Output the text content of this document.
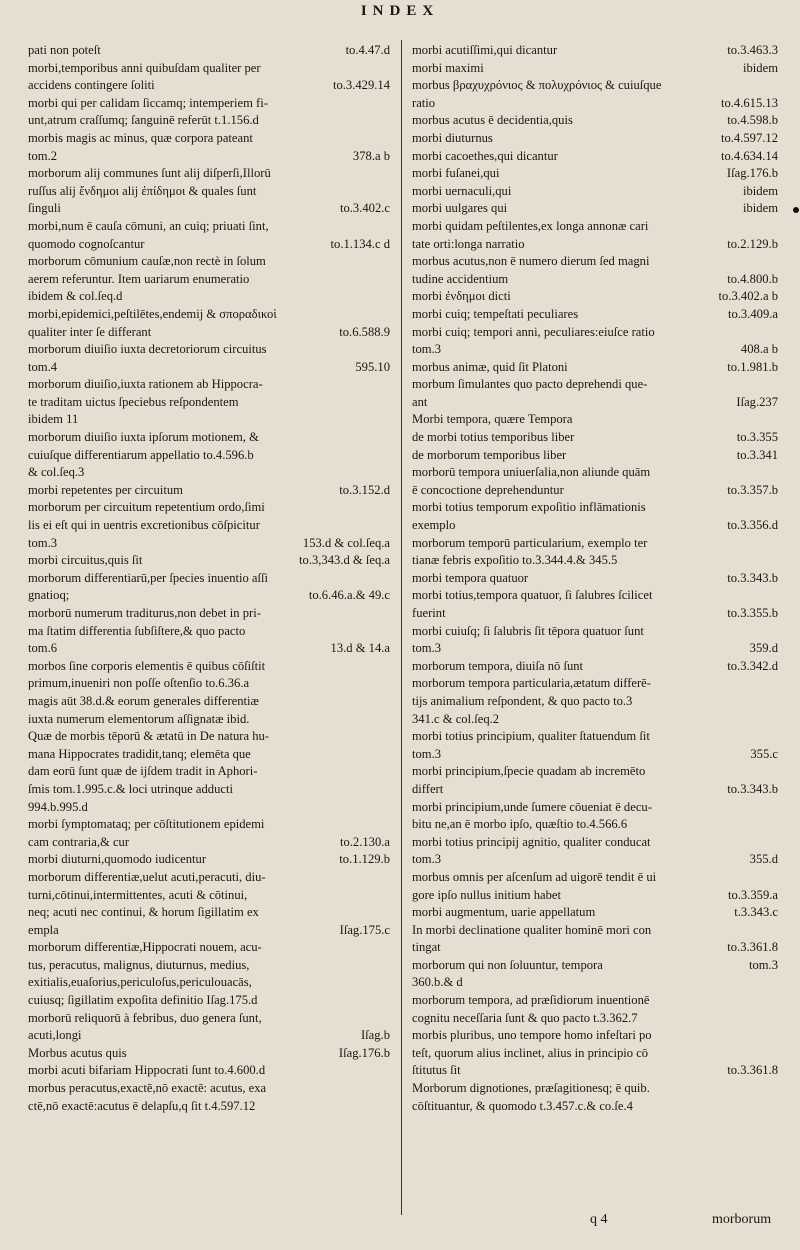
INDEX
to.4.47.d
pati non poteſt
morbi,temporibus anni quibuſdam qualiter per
to.3.429.14
accidens contingere ſoliti
morbi qui per calidam ſiccamq; intemperiem fi-
unt,atrum craſſumq; ſanguinē referūt t.1.156.d
morbis magis ac minus, quæ corpora pateant
378.a b
tom.2
morborum alij communes ſunt alij diſperſi,Illorū
ruſſus alij ἔνδημοι alij ἐπίδημοι & quales ſunt
to.3.402.c
ſinguli
morbi,num ē cauſa cōmuni, an cuiq; priuati ſint,
to.1.134.c d
quomodo cognoſcantur
morborum cōmunium cauſæ,non rectè in ſolum
aerem referuntur. Item uariarum enumeratio
ibidem & col.ſeq.d
morbi,epidemici,peſtilētes,endemij & σποραδικοὶ
to.6.588.9
qualiter inter ſe differant
morborum diuiſio iuxta decretoriorum circuitus
595.10
tom.4
morborum diuiſio,iuxta rationem ab Hippocra-
te traditam uictus ſpeciebus reſpondentem
ibidem 11
morborum diuiſio iuxta ipſorum motionem, &
cuiuſque differentiarum appellatio to.4.596.b
& col.ſeq.3
to.3.152.d
morbi repetentes per circuitum
morborum per circuitum repetentium ordo,ſimi
lis ei eſt qui in uentris excretionibus cōſpicitur
153.d & col.ſeq.a
tom.3
to.3,343.d & ſeq.a
morbi circuitus,quis ſit
morborum differentiarū,per ſpecies inuentio aſſi
to.6.46.a.& 49.c
gnatioq;
morborū numerum traditurus,non debet in pri-
ma ſtatim differentia ſubſiſtere,& quo pacto
13.d & 14.a
tom.6
morbos ſine corporis elementis ē quibus cōſiſtit
primum,inueniri non poſſe oſtenſio to.6.36.a
magis aūt 38.d.& eorum generales differentiæ
iuxta numerum elementorum aſſignatæ ibid.
Quæ de morbis tēporū & ætatū in De natura hu-
mana Hippocrates tradidit,tanq; elemēta que
dam eorū ſunt quæ de ijſdem tradit in Aphori-
ſmis tom.1.995.c.& loci utrinque adducti
994.b.995.d
morbi ſymptomataq; per cōſtitutionem epidemi
to.2.130.a
cam contraria,& cur
to.1.129.b
morbi diuturni,quomodo iudicentur
morborum differentiæ,uelut acuti,peracuti, diu-
turni,cōtinui,intermittentes, acuti & cōtinui,
neq; acuti nec continui, & horum ſigillatim ex
Iſag.175.c
empla
morborum differentiæ,Hippocrati nouem, acu-
tus, peracutus, malignus, diuturnus, medius,
exitialis,euaſorius,periculoſus,periculouacās,
cuiusq; ſigillatim expoſita definitio Iſag.175.d
morborū reliquorū à febribus, duo genera ſunt,
Iſag.b
acuti,longi
Iſag.176.b
Morbus acutus quis
morbi acuti bifariam Hippocrati ſunt to.4.600.d
morbus peracutus,exactē,nō exactē: acutus, exa
ctē,nō exactē:acutus ē delapſu,q ſit t.4.597.12
to.3.463.3
morbi acutiſſimi,qui dicantur
ibidem
morbi maximi
morbus βραχυχρόνιος & πολυχρόνιος & cuiuſque
to.4.615.13
ratio
to.4.598.b
morbus acutus ē decidentia,quis
to.4.597.12
morbi diuturnus
to.4.634.14
morbi cacoethes,qui dicantur
Iſag.176.b
morbi fuſanei,qui
ibidem
morbi uernaculi,qui
ibidem
morbi uulgares qui
morbi quidam peſtilentes,ex longa annonæ cari
to.2.129.b
tate orti:longa narratio
morbus acutus,non ē numero dierum ſed magni
to.4.800.b
tudine accidentium
to.3.402.a b
morbi ἐνδημοι dicti
to.3.409.a
morbi cuiq; tempeſtati peculiares
morbi cuiq; tempori anni, peculiares:eiuſce ratio
408.a b
tom.3
to.1.981.b
morbus animæ, quid ſit Platoni
morbum ſimulantes quo pacto deprehendi que-
Iſag.237
ant
Morbi tempora, quære Tempora
to.3.355
de morbi totius temporibus liber
to.3.341
de morborum temporibus liber
morborū tempora uniuerſalia,non aliunde quām
to.3.357.b
ē concoctione deprehenduntur
morbi totius temporum expoſitio inflāmationis
to.3.356.d
exemplo
morborum temporū particularium, exemplo ter
tianæ febris expoſitio to.3.344.4.& 345.5
to.3.343.b
morbi tempora quatuor
morbi totius,tempora quatuor, ſi ſalubres ſcilicet
to.3.355.b
fuerint
morbi cuiuſq; ſi ſalubris ſit tēpora quatuor ſunt
359.d
tom.3
to.3.342.d
morborum tempora, diuiſa nō ſunt
morborum tempora particularia,ætatum differē-
tijs animalium reſpondent, & quo pacto to.3
341.c & col.ſeq.2
morbi totius principium, qualiter ſtatuendum ſit
355.c
tom.3
morbi principium,ſpecie quadam ab incremēto
to.3.343.b
differt
morbi principium,unde ſumere cōueniat ē decu-
bitu ne,an ē morbo ipſo, quæſtio to.4.566.6
morbi totius principij agnitio, qualiter conducat
355.d
tom.3
morbus omnis per aſcenſum ad uigorē tendit ē ui
to.3.359.a
gore ipſo nullus initium habet
t.3.343.c
morbi augmentum, uarie appellatum
In morbi declinatione qualiter hominē mori con
to.3.361.8
tingat
tom.3
morborum qui non ſoluuntur, tempora
360.b.& d
morborum tempora, ad præſidiorum inuentionē
cognitu neceſſaria ſunt & quo pacto t.3.362.7
morbis pluribus, uno tempore homo infeſtari po
teſt, quorum alius inclinet, alius in principio cō
to.3.361.8
ſtitutus ſit
Morborum dignotiones, præſagitionesq; ē quib.
cōſtituantur, & quomodo t.3.457.c.& co.ſe.4
q 4	morborum
